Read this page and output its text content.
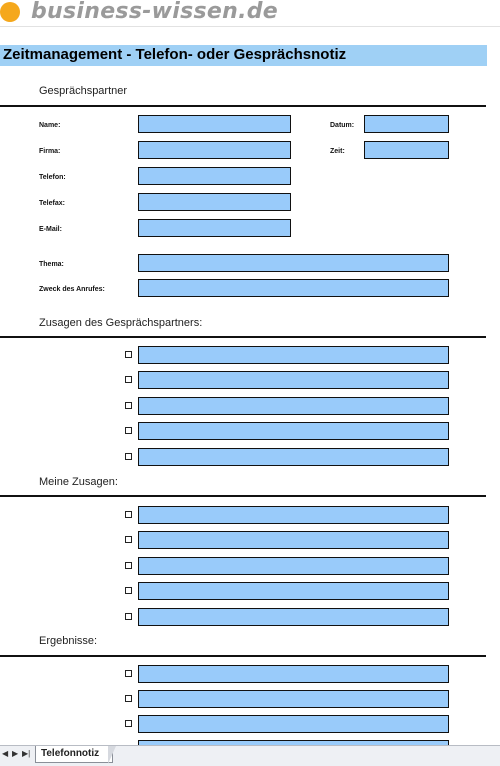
business-wissen.de
Zeitmanagement - Telefon- oder Gesprächsnotiz
Gesprächspartner
Name:	Datum:
Firma:	Zeit:
Telefon:
Telefax:
E-Mail:
Thema:
Zweck des Anrufes:
Zusagen des Gesprächspartners:
Meine Zusagen:
Ergebnisse:
◀ ▶ ▶|	Telefonnotiz
